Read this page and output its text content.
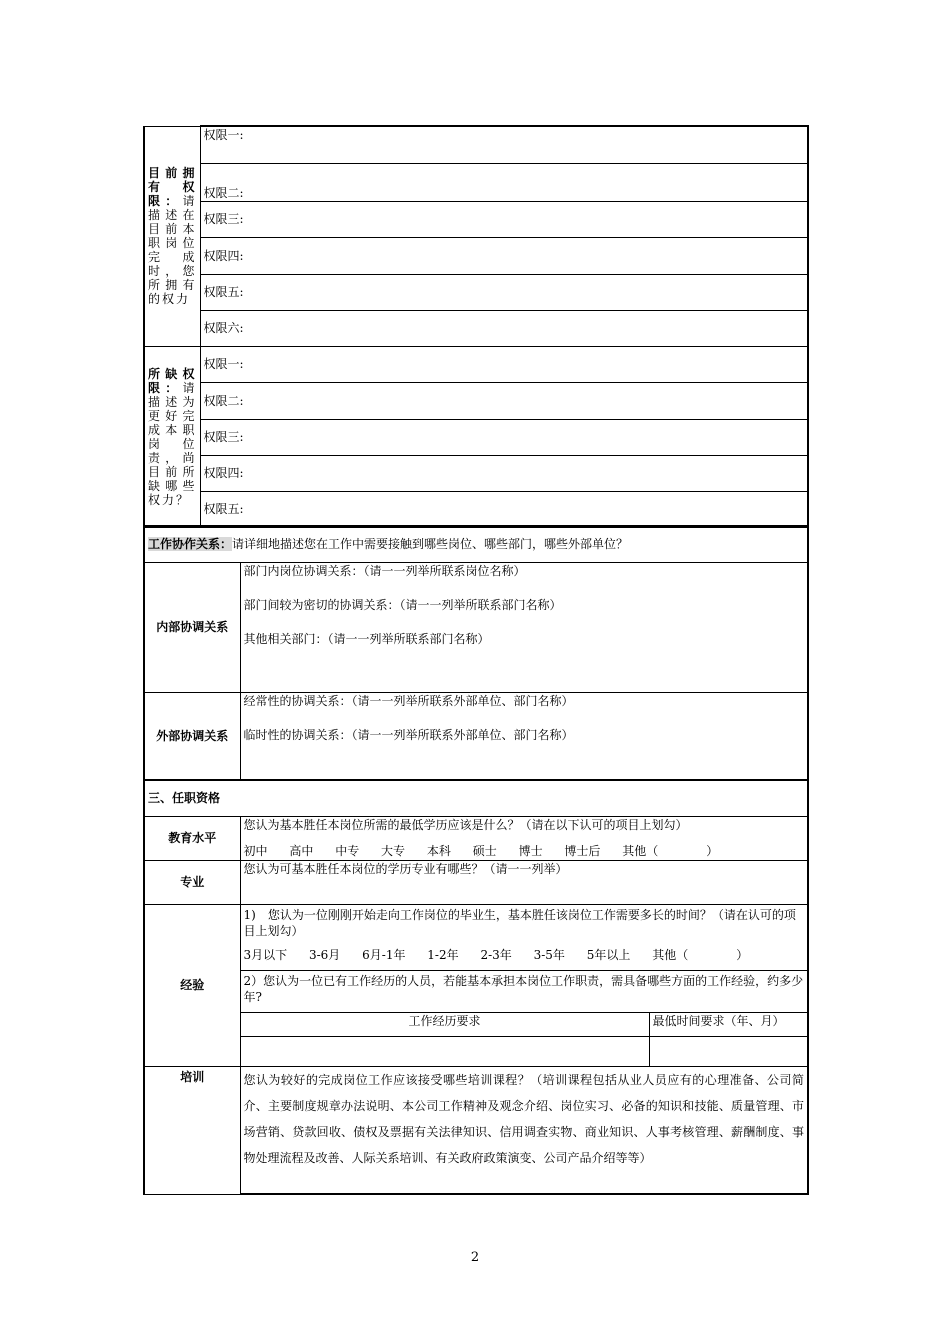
目前拥有权限：请描述在目前本职岗位完成时，您所拥有的权力	权限一:
	权限二:
	权限三:
	权限四:
	权限五:
	权限六:
所缺权限：请描述为更好完成本职岗位责，尚目前所缺哪些权力？	权限一:
	权限二:
	权限三:
	权限四:
	权限五:
工作协作关系：请详细地描述您在工作中需要接触到哪些岗位、哪些部门，哪些外部单位？	
内部协调关系	部门内岗位协调关系：（请一一列举所联系岗位名称）
部门间较为密切的协调关系：（请一一列举所联系部门名称）
其他相关部门：（请一一列举所联系部门名称）

外部协调关系	经常性的协调关系：（请一一列举所联系外部单位、部门名称）
临时性的协调关系：（请一一列举所联系外部单位、部门名称）
三、任职资格		
教育水平	您认为基本胜任本岗位所需的最低学历应该是什么？（请在以下认可的项目上划勾）
初中 高中 中专 大专 本科 硕士 博士 博士后 其他（　　　　）	

专业	您认为可基本胜任本岗位的学历专业有哪些？（请一一列举）	
经验	1)　您认为一位刚刚开始走向工作岗位的毕业生，基本胜任该岗位工作需要多长的时间？（请在认可的项目上划勾）
3月以下 3-6月 6月-1年 1-2年 2-3年 3-5年 5年以上 其他（　　　　）	

	2）您认为一位已有工作经历的人员，若能基本承担本岗位工作职责，需具备哪些方面的工作经验，约多少年?	
	工作经历要求	最低时间要求（年、月）

培训	您认为较好的完成岗位工作应该接受哪些培训课程？（培训课程包括从业人员应有的心理准备、公司简介、主要制度规章办法说明、本公司工作精神及观念介绍、岗位实习、必备的知识和技能、质量管理、市场营销、贷款回收、债权及票据有关法律知识、信用调查实物、商业知识、人事考核管理、薪酬制度、事物处理流程及改善、人际关系培训、有关政府政策演变、公司产品介绍等等）	
2
